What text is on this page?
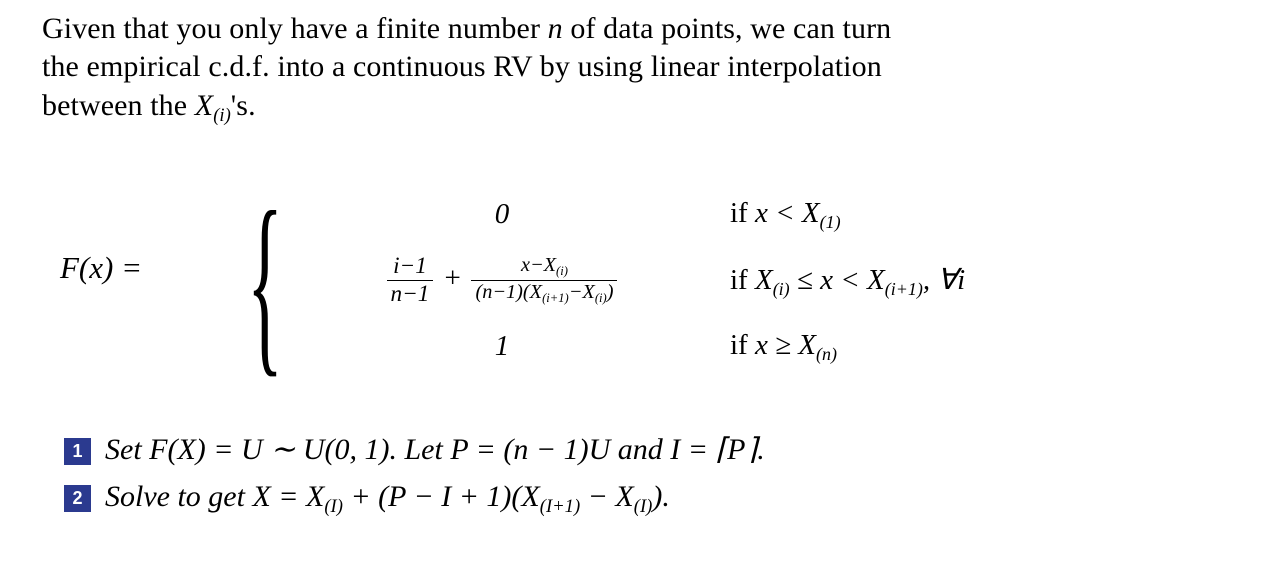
Given that you only have a finite number n of data points, we can turn
the empirical c.d.f. into a continuous RV by using linear interpolation
between the $X_{(i)}'s$.
F(x) = {	0	if $x < X_{(1)}$
$\frac{i-1}{n-1} + \frac{x-X_{(i)}}{(n-1)(X_{(i+1)}-X_{(i)})}$	if $X_{(i)} \le x < X_{(i+1)}$, ∀i
1	if $x \ge X_{(n)}$
1 Set F(X) = U ∼ U(0, 1). Let P = (n − 1)U and I = ⌈P⌉.
2 Solve to get $X = X_{(I)} + (P - I + 1)(X_{(I+1)} - X_{(I)})$.
